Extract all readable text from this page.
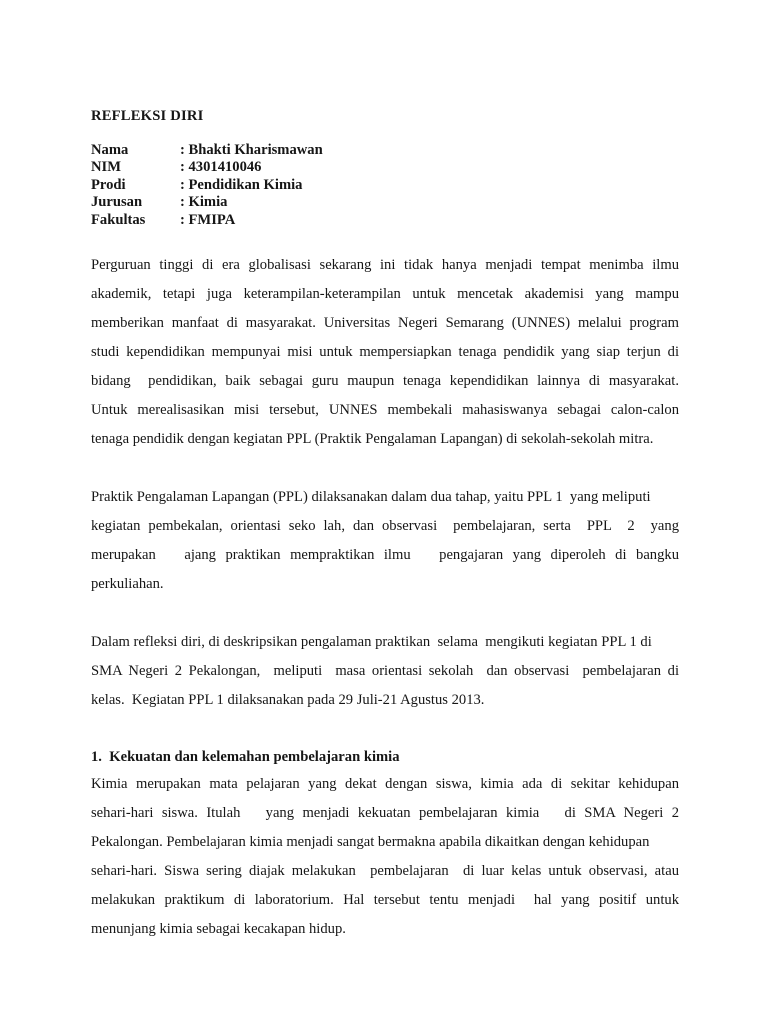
REFLEKSI DIRI
Nama	: Bhakti Kharismawan
NIM	: 4301410046
Prodi	: Pendidikan Kimia
Jurusan	: Kimia
Fakultas	: FMIPA

Perguruan tinggi di era globalisasi sekarang ini tidak hanya menjadi tempat menimba ilmu
akademik, tetapi juga keterampilan-keterampilan untuk mencetak akademisi yang mampu
memberikan manfaat di masyarakat. Universitas Negeri Semarang (UNNES) melalui program
studi kependidikan mempunyai misi untuk mempersiapkan tenaga pendidik yang siap terjun di
bidang  pendidikan, baik sebagai guru maupun tenaga kependidikan lainnya di masyarakat.
Untuk merealisasikan misi tersebut, UNNES membekali mahasiswanya sebagai calon-calon
tenaga pendidik dengan kegiatan PPL (Praktik Pengalaman Lapangan) di sekolah-sekolah mitra.

Praktik Pengalaman Lapangan (PPL) dilaksanakan dalam dua tahap, yaitu PPL 1  yang meliputi
kegiatan pembekalan, orientasi seko lah, dan observasi  pembelajaran, serta  PPL  2  yang
merupakan   ajang praktikan mempraktikan ilmu   pengajaran yang diperoleh di bangku
perkuliahan.

Dalam refleksi diri, di deskripsikan pengalaman praktikan  selama  mengikuti kegiatan PPL 1 di
SMA Negeri 2 Pekalongan,  meliputi  masa orientasi sekolah  dan observasi  pembelajaran di
kelas.  Kegiatan PPL 1 dilaksanakan pada 29 Juli-21 Agustus 2013.

1.  Kekuatan dan kelemahan pembelajaran kimia

Kimia merupakan mata pelajaran yang dekat dengan siswa, kimia ada di sekitar kehidupan
sehari-hari siswa. Itulah   yang menjadi kekuatan pembelajaran kimia   di SMA Negeri 2
Pekalongan. Pembelajaran kimia menjadi sangat bermakna apabila dikaitkan dengan kehidupan
sehari-hari. Siswa sering diajak melakukan  pembelajaran  di luar kelas untuk observasi, atau
melakukan praktikum di laboratorium. Hal tersebut tentu menjadi  hal yang positif untuk
menunjang kimia sebagai kecakapan hidup.
